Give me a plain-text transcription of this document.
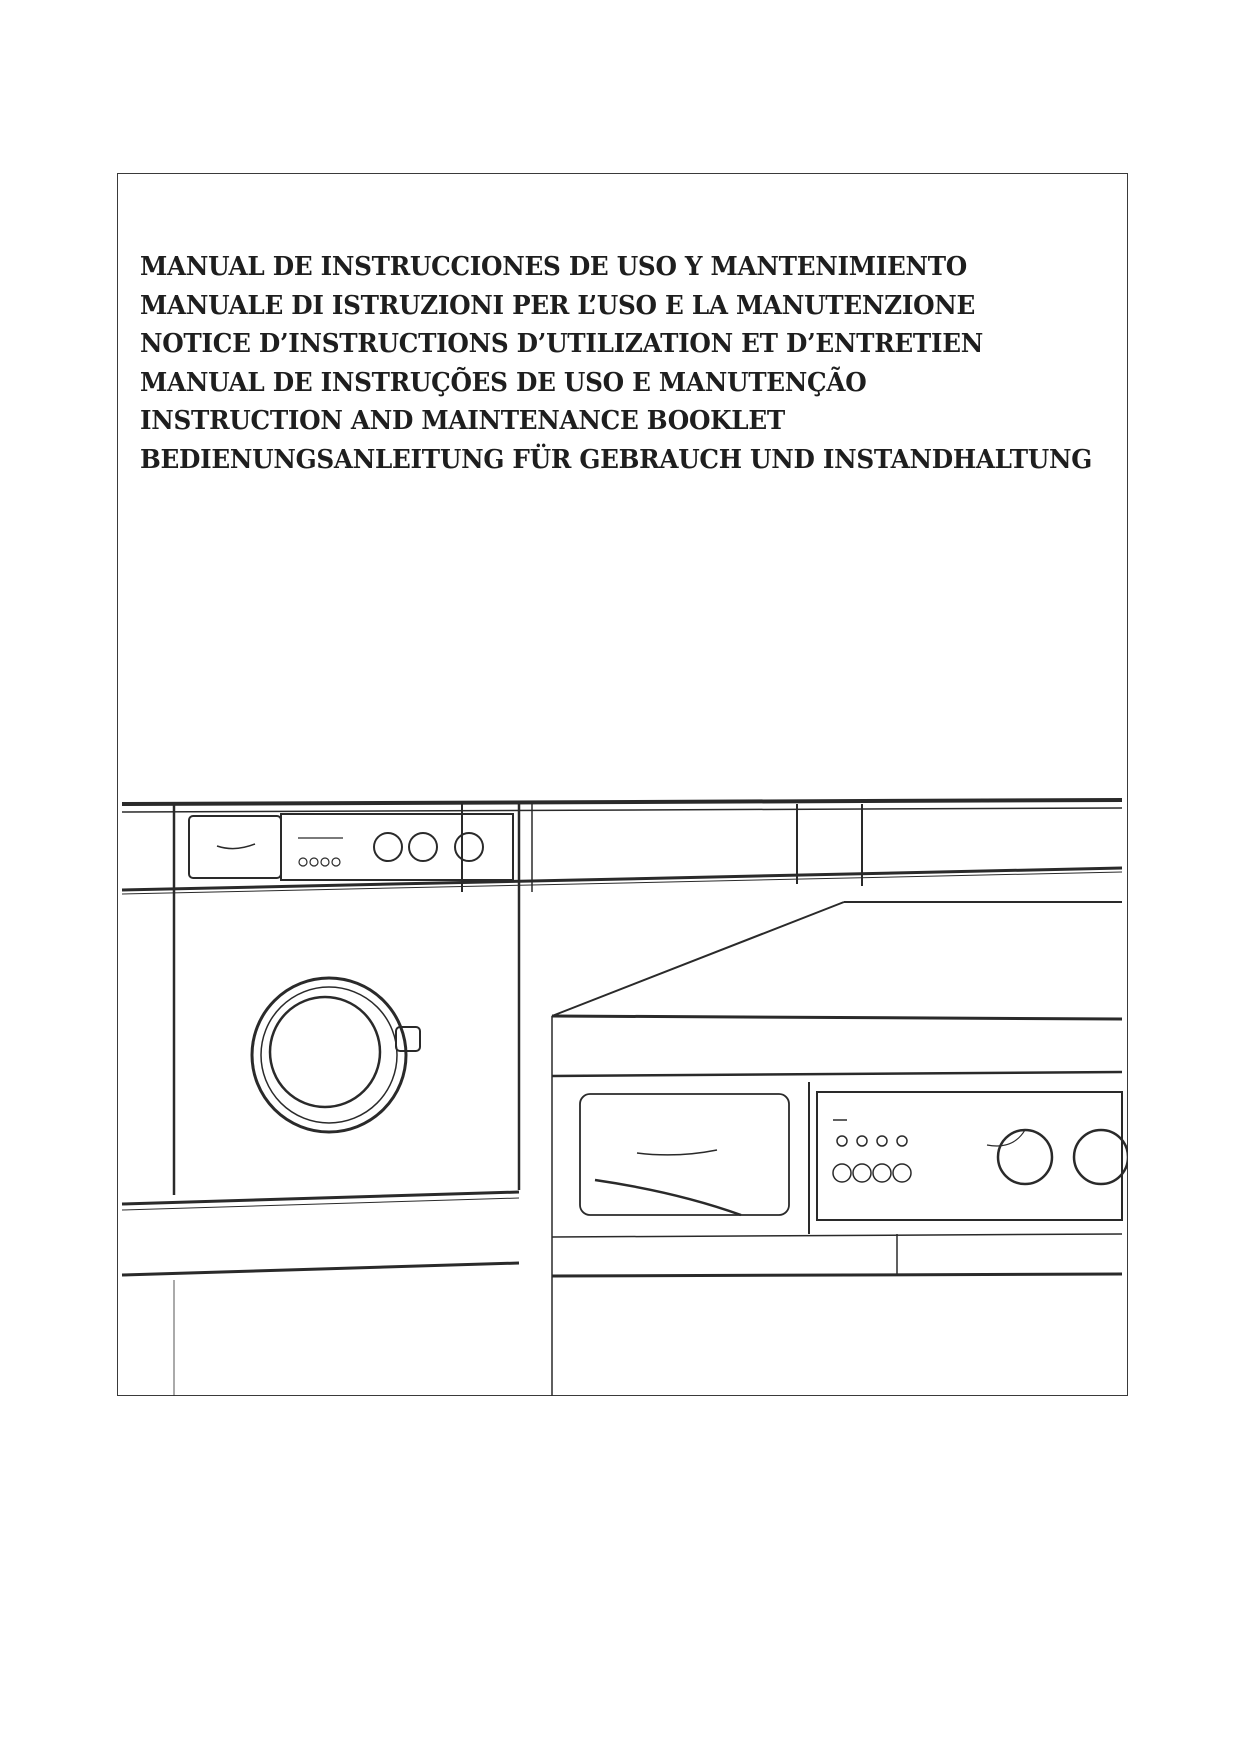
MANUAL DE INSTRUCCIONES DE USO Y MANTENIMIENTO
MANUALE DI ISTRUZIONI PER L’USO E LA MANUTENZIONE
NOTICE D’INSTRUCTIONS D’UTILIZATION ET D’ENTRETIEN
MANUAL DE INSTRUÇÕES DE USO E MANUTENÇÃO
INSTRUCTION AND MAINTENANCE BOOKLET
BEDIENUNGSANLEITUNG FÜR GEBRAUCH UND INSTANDHALTUNG
